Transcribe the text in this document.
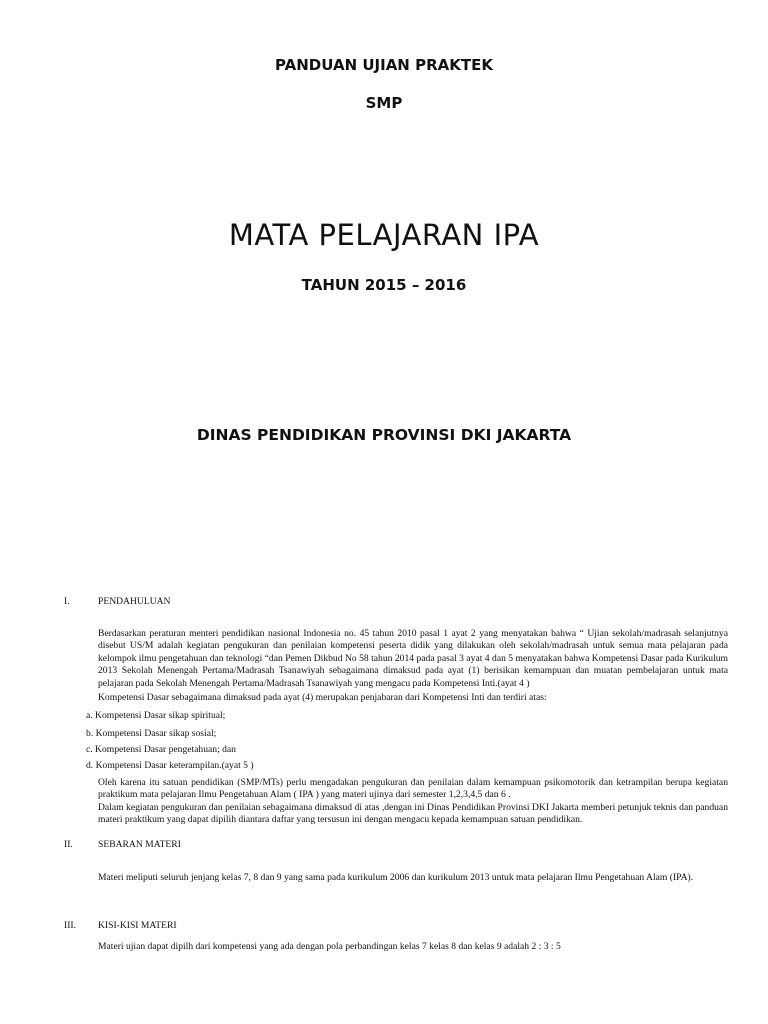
PANDUAN UJIAN PRAKTEK
SMP
MATA PELAJARAN IPA
TAHUN 2015 – 2016
DINAS PENDIDIKAN PROVINSI DKI JAKARTA
I.	PENDAHULUAN
Berdasarkan peraturan menteri pendidikan nasional Indonesia no. 45 tahun 2010 pasal 1 ayat 2 yang menyatakan bahwa “ Ujian sekolah/madrasah selanjutnya disebut US/M adalah kegiatan pengukuran dan penilaian kompetensi peserta didik yang dilakukan oleh sekolah/madrasah untuk semua mata pelajaran pada kelompok ilmu pengetahuan dan teknologi “dan Pemen Dikbud No 58 tahun 2014 pada pasal 3 ayat 4 dan 5 menyatakan bahwa Kompetensi Dasar pada Kurikulum 2013 Sekolah Menengah Pertama/Madrasah Tsanawiyah sebagaimana dimaksud pada ayat (1) berisikan kemampuan dan muatan pembelajaran untuk mata pelajaran pada Sekolah Menengah Pertama/Madrasah Tsanawiyah yang mengacu pada Kompetensi Inti.(ayat 4 )
Kompetensi Dasar sebagaimana dimaksud pada ayat (4) merupakan penjabaran dari Kompetensi Inti dan terdiri atas:
a. Kompetensi Dasar sikap spiritual;
b. Kompetensi Dasar sikap sosial;
c. Kompetensi Dasar pengetahuan; dan
d. Kompetensi Dasar keterampilan.(ayat 5 )
Oleh karena itu satuan pendidikan (SMP/MTs) perlu mengadakan pengukuran dan penilaian dalam kemampuan psikomotorik dan ketrampilan berupa kegiatan praktikum mata pelajaran Ilmu Pengetahuan Alam ( IPA ) yang materi ujinya dari semester 1,2,3,4,5 dan 6 .
Dalam kegiatan pengukuran dan penilaian sebagaimana dimaksud di atas ,dengan ini Dinas Pendidikan Provinsi DKI Jakarta memberi petunjuk teknis dan panduan materi praktikum yang dapat dipilih diantara daftar yang tersusun ini dengan mengacu kepada kemampuan satuan pendidikan.
II.	SEBARAN MATERI
Materi meliputi seluruh jenjang kelas 7, 8 dan 9 yang sama pada kurikulum 2006 dan kurikulum 2013 untuk mata pelajaran Ilmu Pengetahuan Alam (IPA).
III. KISI-KISI MATERI
Materi ujian dapat dipilh dari kompetensi yang ada dengan pola perbandingan kelas 7 kelas 8 dan kelas 9 adalah 2 : 3 : 5
